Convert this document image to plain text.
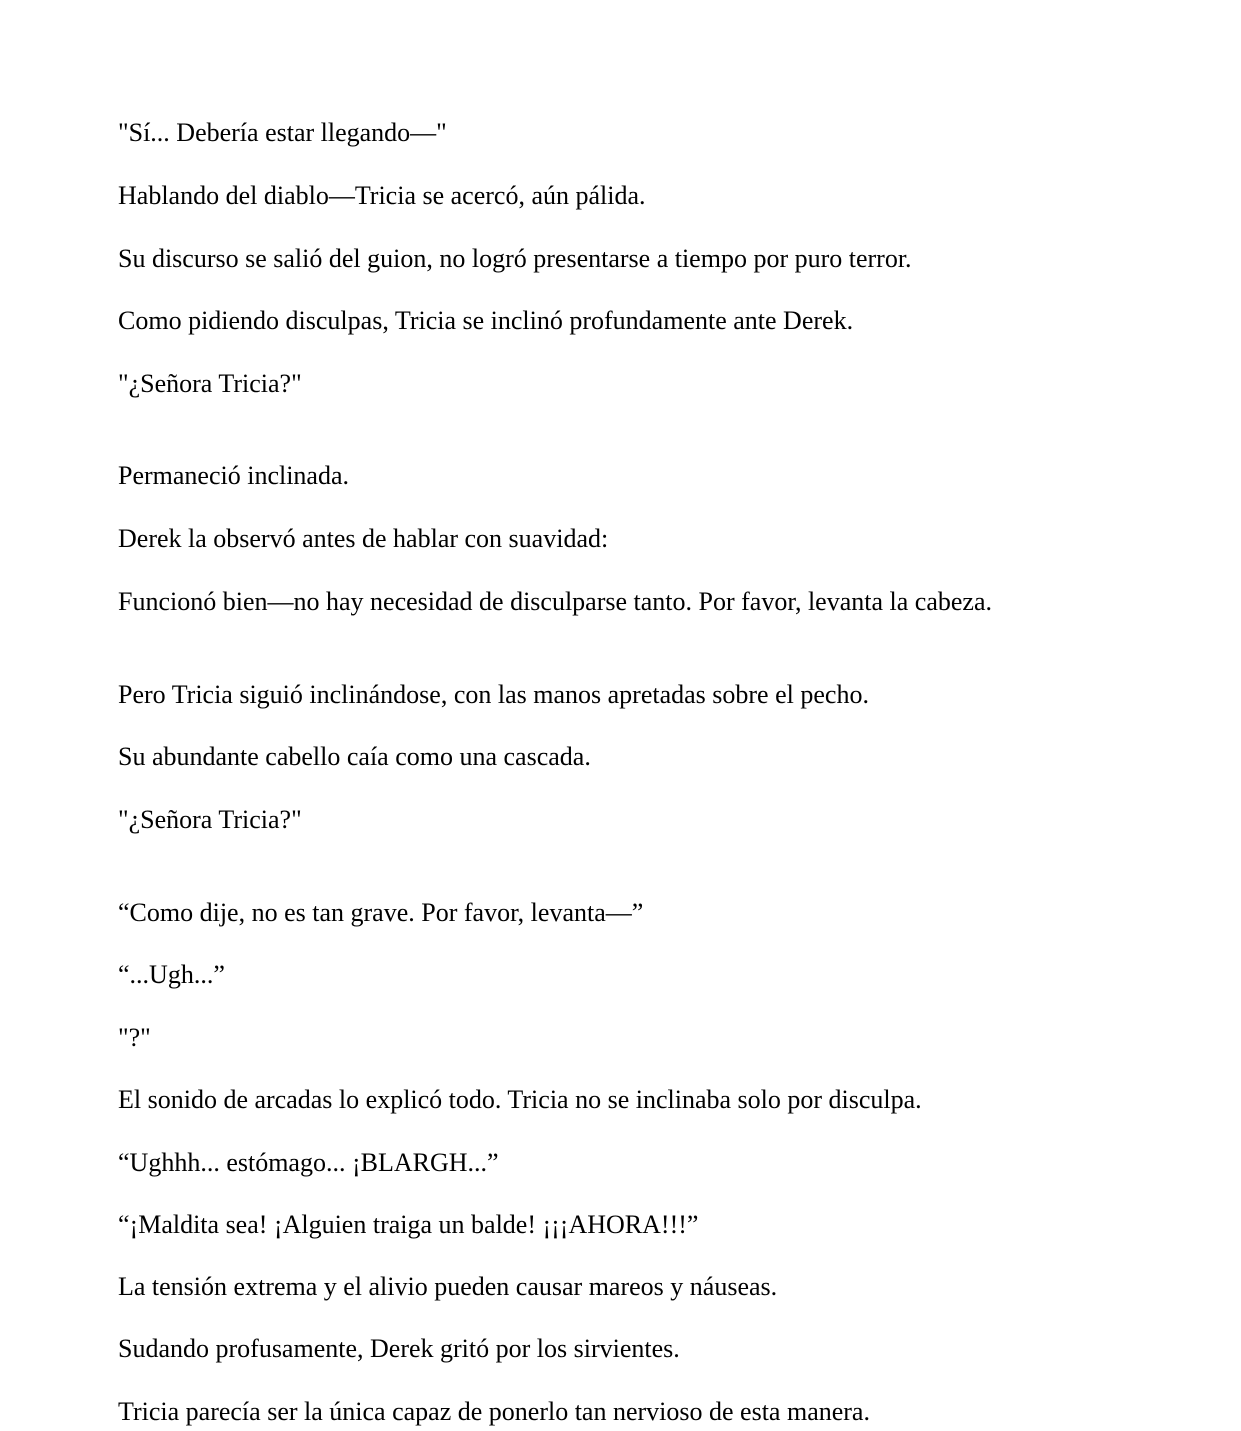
"Sí... Debería estar llegando—"

Hablando del diablo—Tricia se acercó, aún pálida.

Su discurso se salió del guion, no logró presentarse a tiempo por puro terror.

Como pidiendo disculpas, Tricia se inclinó profundamente ante Derek.

"¿Señora Tricia?"

Permaneció inclinada.

Derek la observó antes de hablar con suavidad:

Funcionó bien—no hay necesidad de disculparse tanto. Por favor, levanta la cabeza.

Pero Tricia siguió inclinándose, con las manos apretadas sobre el pecho.

Su abundante cabello caía como una cascada.

"¿Señora Tricia?"

“Como dije, no es tan grave. Por favor, levanta—”

“...Ugh...”

"?"

El sonido de arcadas lo explicó todo. Tricia no se inclinaba solo por disculpa.

“Ughhh... estómago... ¡BLARGH...”

“¡Maldita sea! ¡Alguien traiga un balde! ¡¡¡AHORA!!!”

La tensión extrema y el alivio pueden causar mareos y náuseas.

Sudando profusamente, Derek gritó por los sirvientes.

Tricia parecía ser la única capaz de ponerlo tan nervioso de esta manera.
